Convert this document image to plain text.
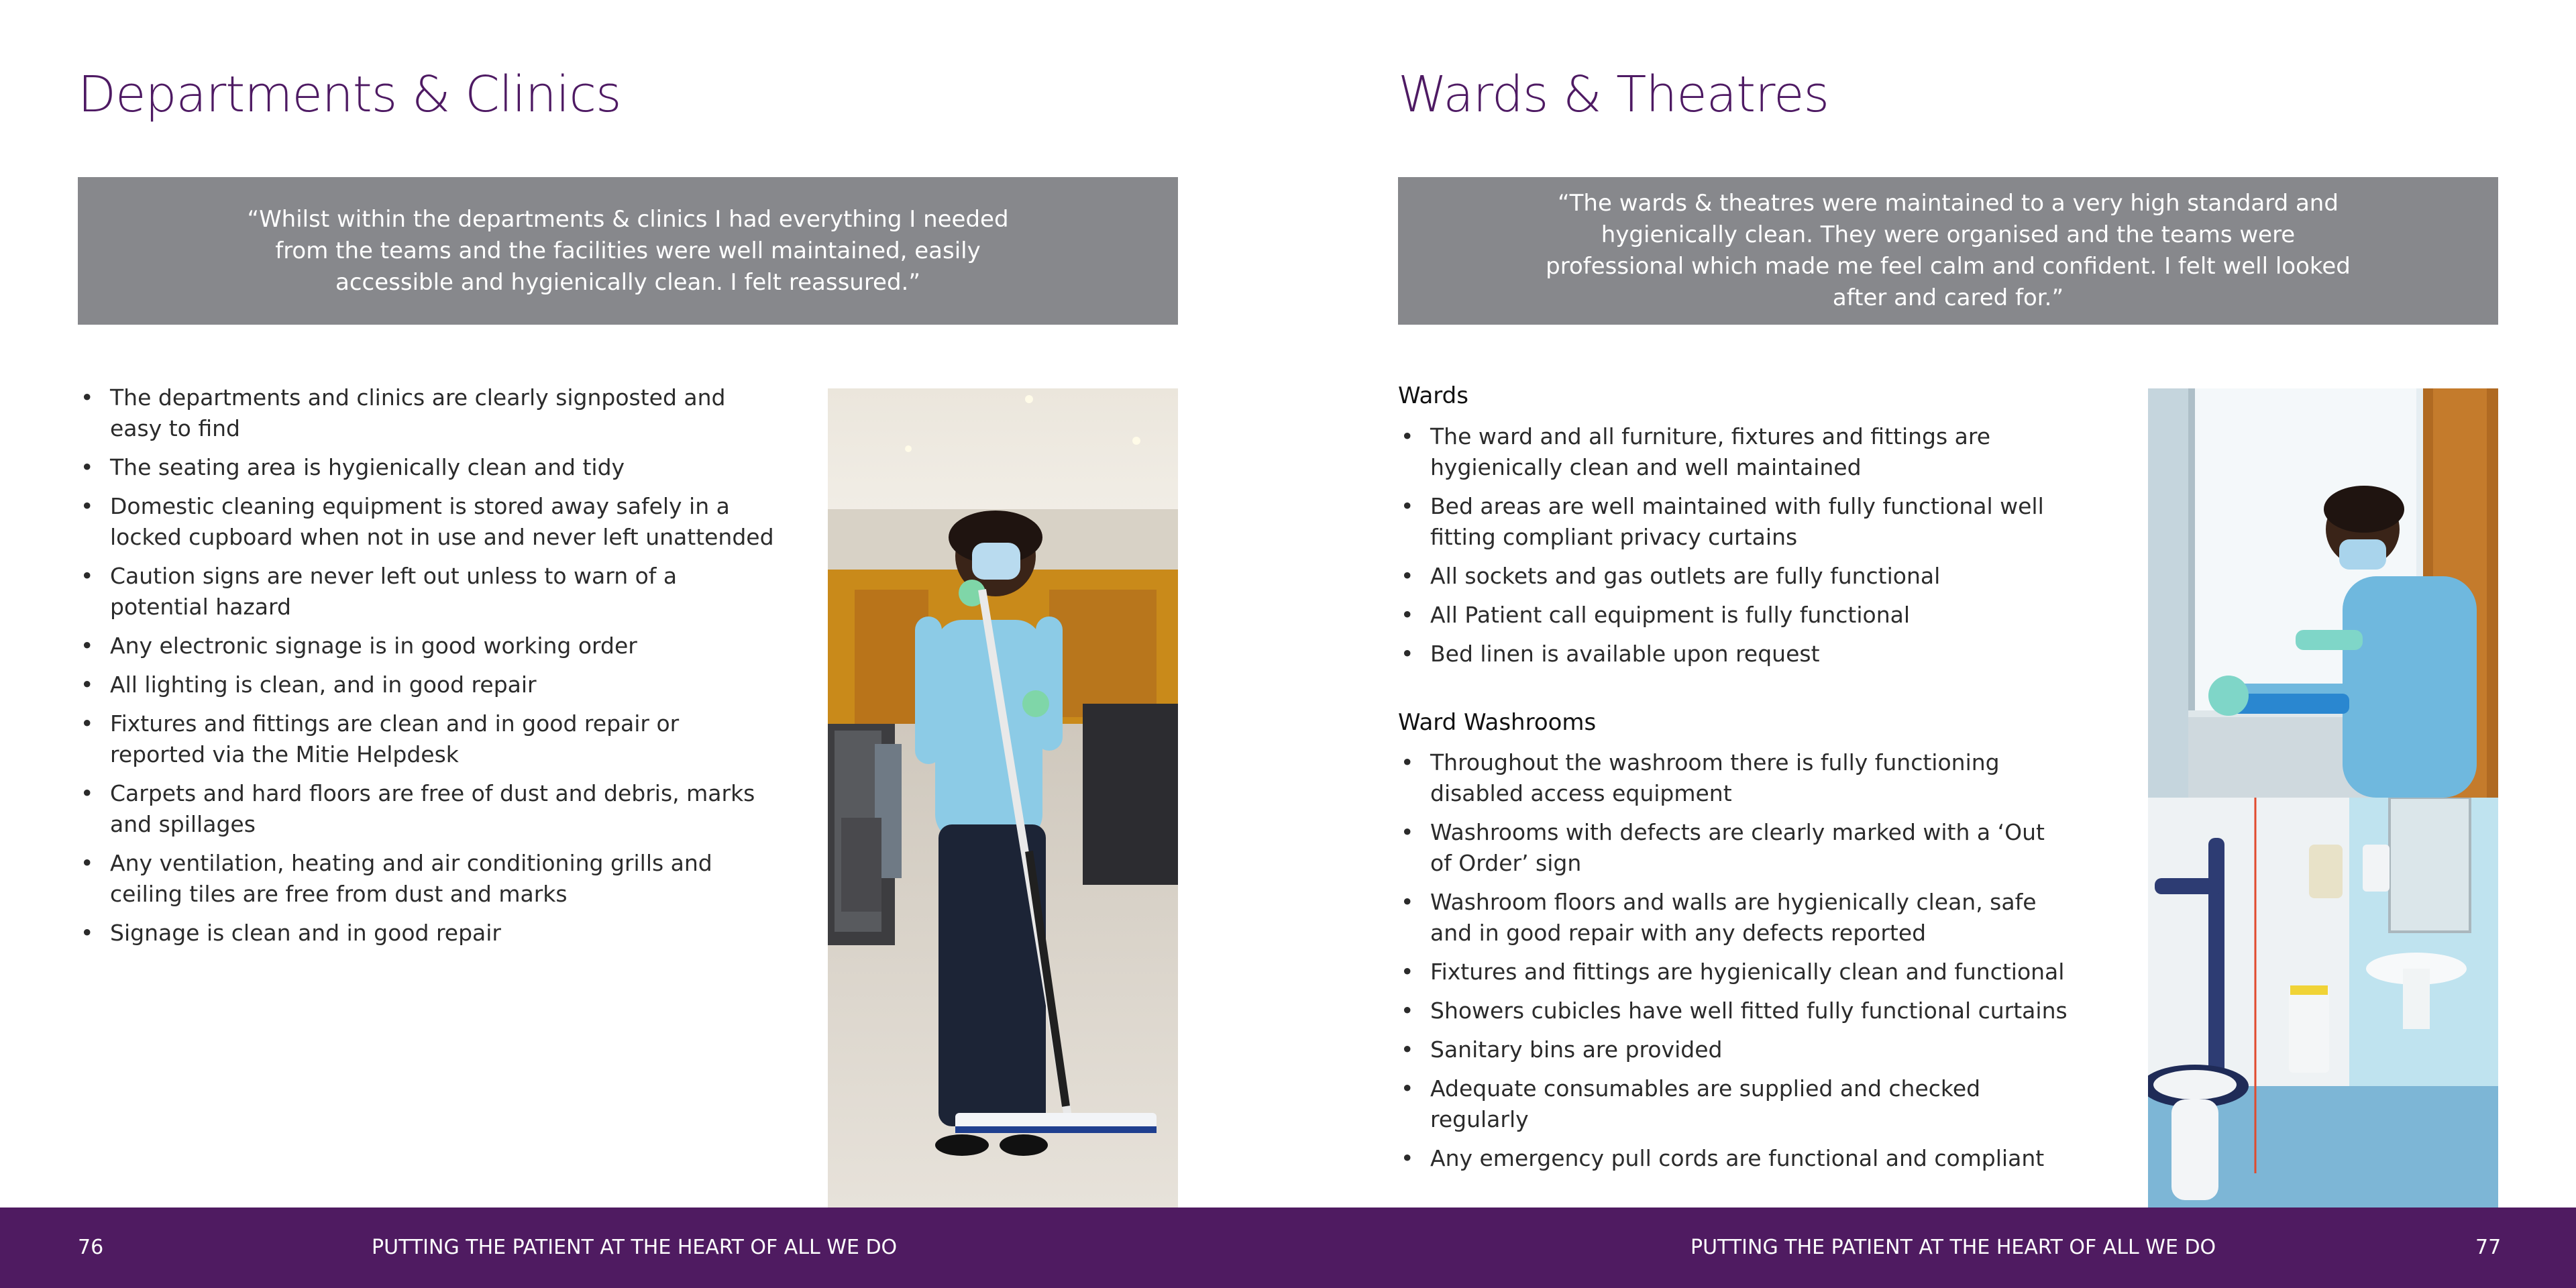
Departments & Clinics
“Whilst within the departments & clinics I had everything I needed from the teams and the facilities were well maintained, easily accessible and hygienically clean. I felt reassured.”
• The departments and clinics are clearly signposted and easy to find
• The seating area is hygienically clean and tidy
• Domestic cleaning equipment is stored away safely in a locked cupboard when not in use and never left unattended
• Caution signs are never left out unless to warn of a potential hazard
• Any electronic signage is in good working order
• All lighting is clean, and in good repair
• Fixtures and fittings are clean and in good repair or reported via the Mitie Helpdesk
• Carpets and hard floors are free of dust and debris, marks and spillages
• Any ventilation, heating and air conditioning grills and ceiling tiles are free from dust and marks
• Signage is clean and in good repair
Wards & Theatres
“The wards & theatres were maintained to a very high standard and hygienically clean. They were organised and the teams were professional which made me feel calm and confident. I felt well looked after and cared for.”
Wards
• The ward and all furniture, fixtures and fittings are hygienically clean and well maintained
• Bed areas are well maintained with fully functional well fitting compliant privacy curtains
• All sockets and gas outlets are fully functional
• All Patient call equipment is fully functional
• Bed linen is available upon request
Ward Washrooms
• Throughout the washroom there is fully functioning disabled access equipment
• Washrooms with defects are clearly marked with a ‘Out of Order’ sign
• Washroom floors and walls are hygienically clean, safe and in good repair with any defects reported
• Fixtures and fittings are hygienically clean and functional
• Showers cubicles have well fitted fully functional curtains
• Sanitary bins are provided
• Adequate consumables are supplied and checked regularly
• Any emergency pull cords are functional and compliant
76	PUTTING THE PATIENT AT THE HEART OF ALL WE DO	PUTTING THE PATIENT AT THE HEART OF ALL WE DO	77
